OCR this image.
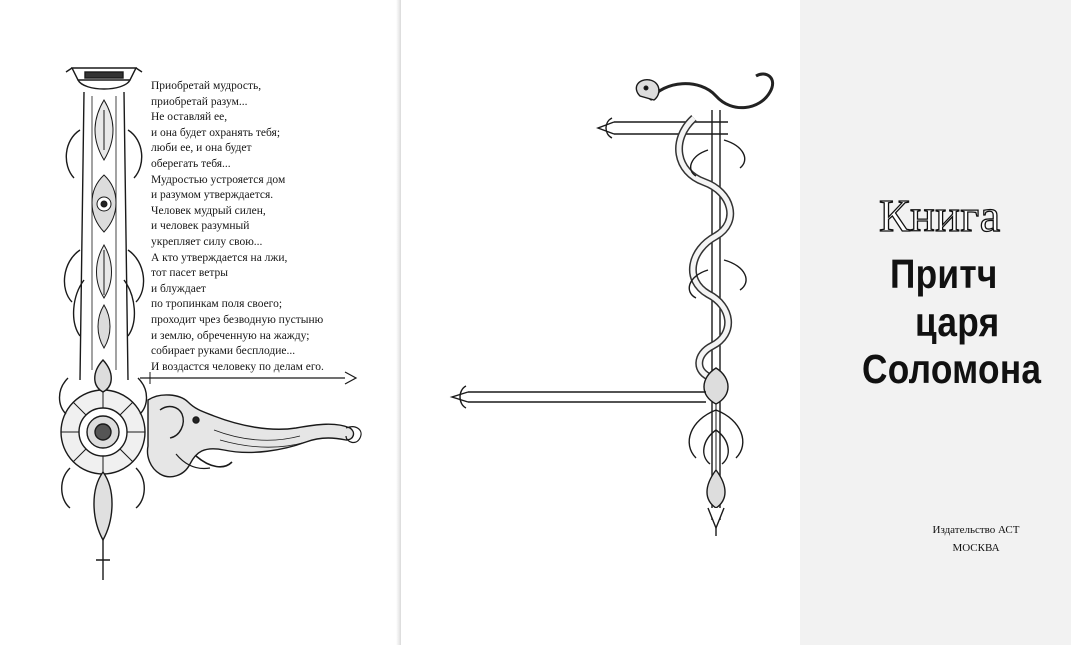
Приобретай мудрость,
приобретай разум...
Не оставляй ее,
и она будет охранять тебя;
люби ее, и она будет
оберегать тебя...
Мудростью устрояется дом
и разумом утверждается.
Человек мудрый силен,
и человек разумный
укрепляет силу свою...
А кто утверждается на лжи,
тот пасет ветры
и блуждает
по тропинкам поля своего;
проходит чрез безводную пустыню
и землю, обреченную на жажду;
собирает руками бесплодие...
И воздастся человеку по делам его.
Книга
Притч
царя
Соломона
Издательство АСТ
МОСКВА
